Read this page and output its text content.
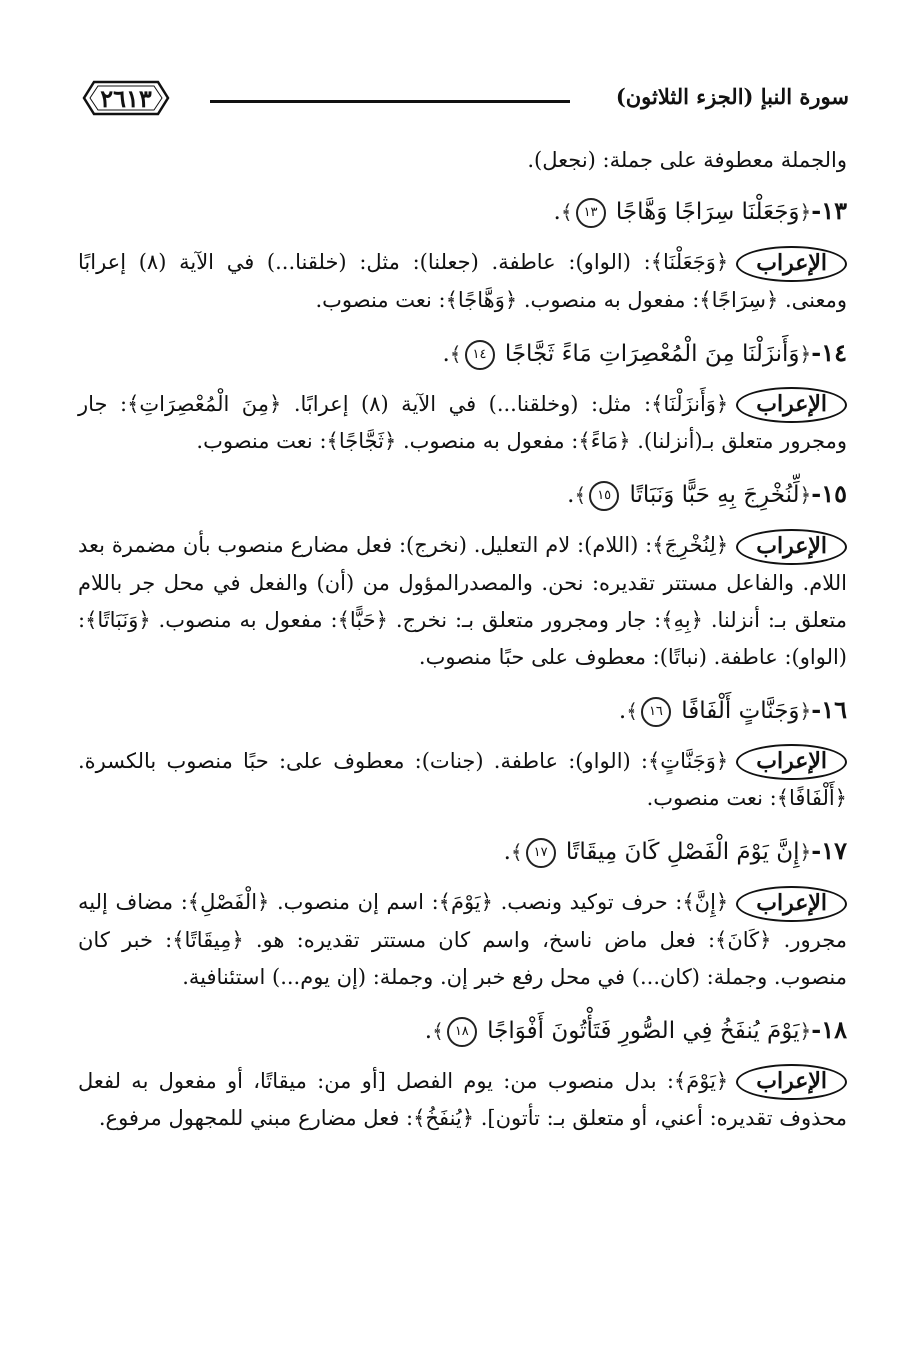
سورة النبإ (الجزء الثلاثون)
٢٦١٣

والجملة معطوفة على جملة: (نجعل).

١٣-﴿وَجَعَلْنَا سِرَاجًا وَهَّاجًا ١٣﴾.

الإعراب﴿وَجَعَلْنَا﴾: (الواو): عاطفة. (جعلنا): مثل: (خلقنا...) في الآية (٨) إعرابًا ومعنى. ﴿سِرَاجًا﴾: مفعول به منصوب. ﴿وَهَّاجًا﴾: نعت منصوب.

١٤-﴿وَأَنزَلْنَا مِنَ الْمُعْصِرَاتِ مَاءً ثَجَّاجًا ١٤﴾.

الإعراب﴿وَأَنزَلْنَا﴾: مثل: (وخلقنا...) في الآية (٨) إعرابًا. ﴿مِنَ الْمُعْصِرَاتِ﴾: جار ومجرور متعلق بـ(أنزلنا). ﴿مَاءً﴾: مفعول به منصوب. ﴿ثَجَّاجًا﴾: نعت منصوب.

١٥-﴿لِّنُخْرِجَ بِهِ حَبًّا وَنَبَاتًا ١٥﴾.

الإعراب﴿لِنُخْرِجَ﴾: (اللام): لام التعليل. (نخرج): فعل مضارع منصوب بأن مضمرة بعد اللام. والفاعل مستتر تقديره: نحن. والمصدرالمؤول من (أن) والفعل في محل جر باللام متعلق بـ: أنزلنا. ﴿بِهِ﴾: جار ومجرور متعلق بـ: نخرج. ﴿حَبًّا﴾: مفعول به منصوب. ﴿وَنَبَاتًا﴾: (الواو): عاطفة. (نباتًا): معطوف على حبًا منصوب.

١٦-﴿وَجَنَّاتٍ أَلْفَافًا ١٦﴾.

الإعراب﴿وَجَنَّاتٍ﴾: (الواو): عاطفة. (جنات): معطوف على: حبًا منصوب بالكسرة. ﴿أَلْفَافًا﴾: نعت منصوب.

١٧-﴿إِنَّ يَوْمَ الْفَصْلِ كَانَ مِيقَاتًا ١٧﴾.

الإعراب﴿إِنَّ﴾: حرف توكيد ونصب. ﴿يَوْمَ﴾: اسم إن منصوب. ﴿الْفَصْلِ﴾: مضاف إليه مجرور. ﴿كَانَ﴾: فعل ماض ناسخ، واسم كان مستتر تقديره: هو. ﴿مِيقَاتًا﴾: خبر كان منصوب. وجملة: (كان...) في محل رفع خبر إن. وجملة: (إن يوم...) استئنافية.

١٨-﴿يَوْمَ يُنفَخُ فِي الصُّورِ فَتَأْتُونَ أَفْوَاجًا ١٨﴾.

الإعراب﴿يَوْمَ﴾: بدل منصوب من: يوم الفصل [أو من: ميقاتًا، أو مفعول به لفعل محذوف تقديره: أعني، أو متعلق بـ: تأتون]. ﴿يُنفَخُ﴾: فعل مضارع مبني للمجهول مرفوع.
